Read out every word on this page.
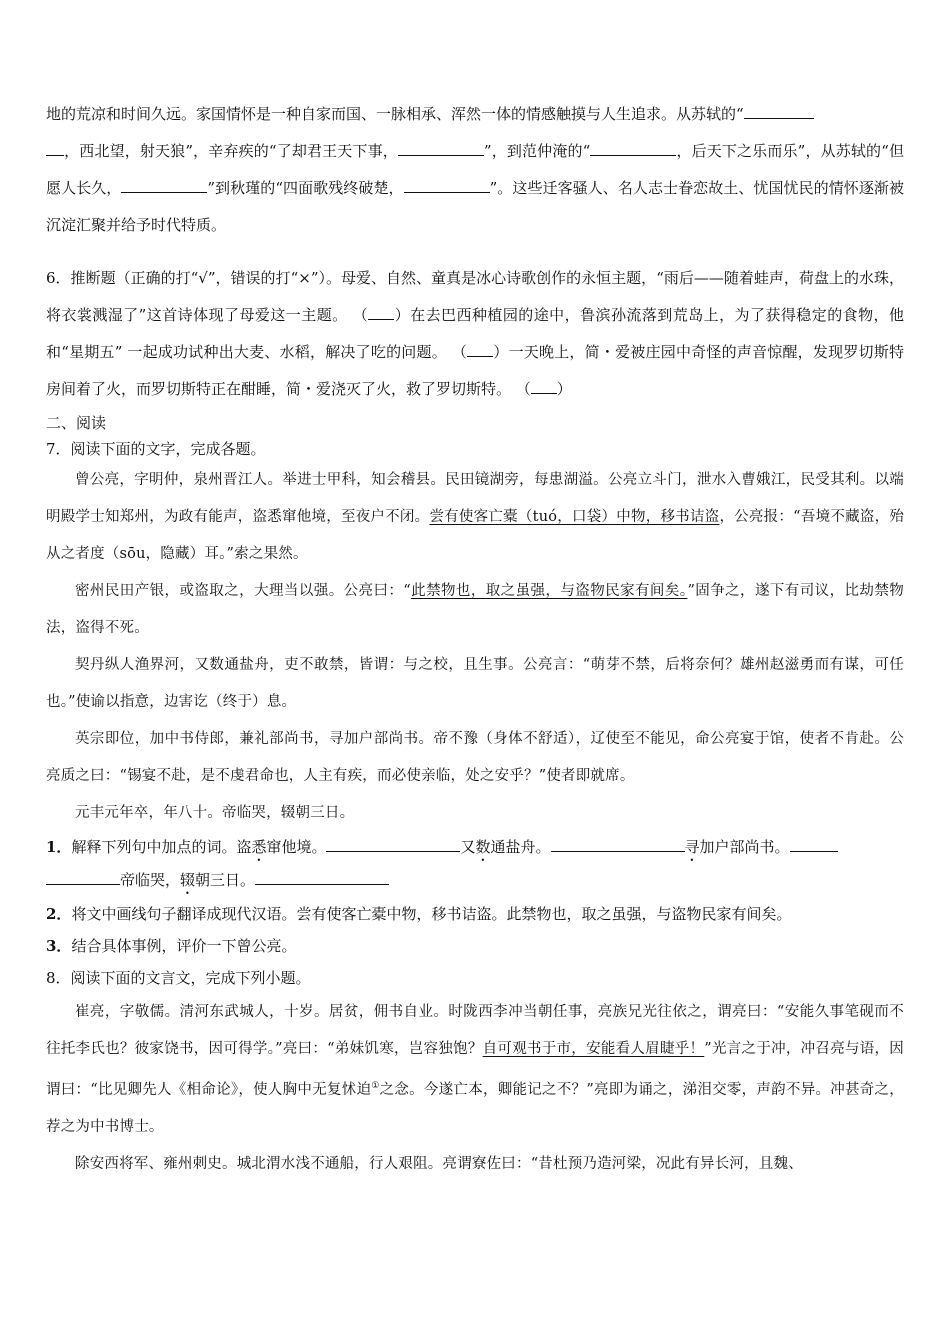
地的荒凉和时间久远。家国情怀是一种自家而国、一脉相承、浑然一体的情感触摸与人生追求。从苏轼的“
，西北望，射天狼”，辛弃疾的“了却君王天下事，	”，到范仲淹的“	，后天下之乐而乐”，从苏轼的“但愿人长久，	”到秋瑾的“四面歌残终破楚，	”。这些迁客骚人、名人志士眷恋故土、忧国忧民的情怀逐渐被沉淀汇聚并给予时代特质。

6．推断题（正确的打“√”，错误的打“×”）。母爱、自然、童真是冰心诗歌创作的永恒主题，“雨后——随着蛙声，荷盘上的水珠， 将衣裳溅湿了”这首诗体现了母爱这一主题。 （ ）在去巴西种植园的途中，鲁滨孙流落到荒岛上，为了获得稳定的食物，他和“星期五” 一起成功试种出大麦、水稻，解决了吃的问题。 （ ）一天晚上，简・爱被庄园中奇怪的声音惊醒，发现罗切斯特房间着了火，而罗切斯特正在酣睡，简・爱浇灭了火，救了罗切斯特。 （ ）

二、阅读

7．阅读下面的文字，完成各题。

曾公亮，字明仲，泉州晋江人。举进士甲科，知会稽县。民田镜湖旁，每患湖溢。公亮立斗门，泄水入曹娥江，民受其利。以端明殿学士知郑州，为政有能声，盗悉窜他境，至夜户不闭。尝有使客亡橐（tuó，口袋）中物，移书诘盗，公亮报：“吾境不藏盗，殆从之者度（sōu，隐藏）耳。”索之果然。

密州民田产银，或盗取之，大理当以强。公亮曰：“此禁物也，取之虽强，与盗物民家有间矣。”固争之，遂下有司议，比劫禁物法，盗得不死。

契丹纵人渔界河，又数通盐舟，吏不敢禁，皆谓：与之校，且生事。公亮言：“萌芽不禁，后将奈何？雄州赵滋勇而有谋，可任也。”使谕以指意，边害讫（终于）息。

英宗即位，加中书侍郎，兼礼部尚书，寻加户部尚书。帝不豫（身体不舒适），辽使至不能见，命公亮宴于馆，使者不肯赴。公亮质之曰：“锡宴不赴，是不虔君命也，人主有疾，而必使亲临，处之安乎？”使者即就席。

元丰元年卒，年八十。帝临哭，辍朝三日。

1．解释下列句中加点的词。盗悉窜他境。	又数通盐舟。	寻加户部尚书。
帝临哭，辍朝三日。

2．将文中画线句子翻译成现代汉语。尝有使客亡橐中物，移书诘盗。此禁物也，取之虽强，与盗物民家有间矣。

3．结合具体事例，评价一下曾公亮。

8．阅读下面的文言文，完成下列小题。

崔亮，字敬儒。清河东武城人，十岁。居贫，佣书自业。时陇西李冲当朝任事，亮族兄光往依之，谓亮曰：“安能久事笔砚而不往托李氏也？彼家饶书，因可得学。”亮曰：“弟妹饥寒，岂容独饱？自可观书于市，安能看人眉睫乎！”光言之于冲，冲召亮与语，因谓曰：“比见卿先人《相命论》，使人胸中无复怵迫①之念。今遂亡本，卿能记之不？”亮即为诵之，涕泪交零，声韵不异。冲甚奇之，荐之为中书博士。

除安西将军、雍州刺史。城北渭水浅不通船，行人艰阻。亮谓寮佐曰：“昔杜预乃造河梁，况此有异长河，且魏、
